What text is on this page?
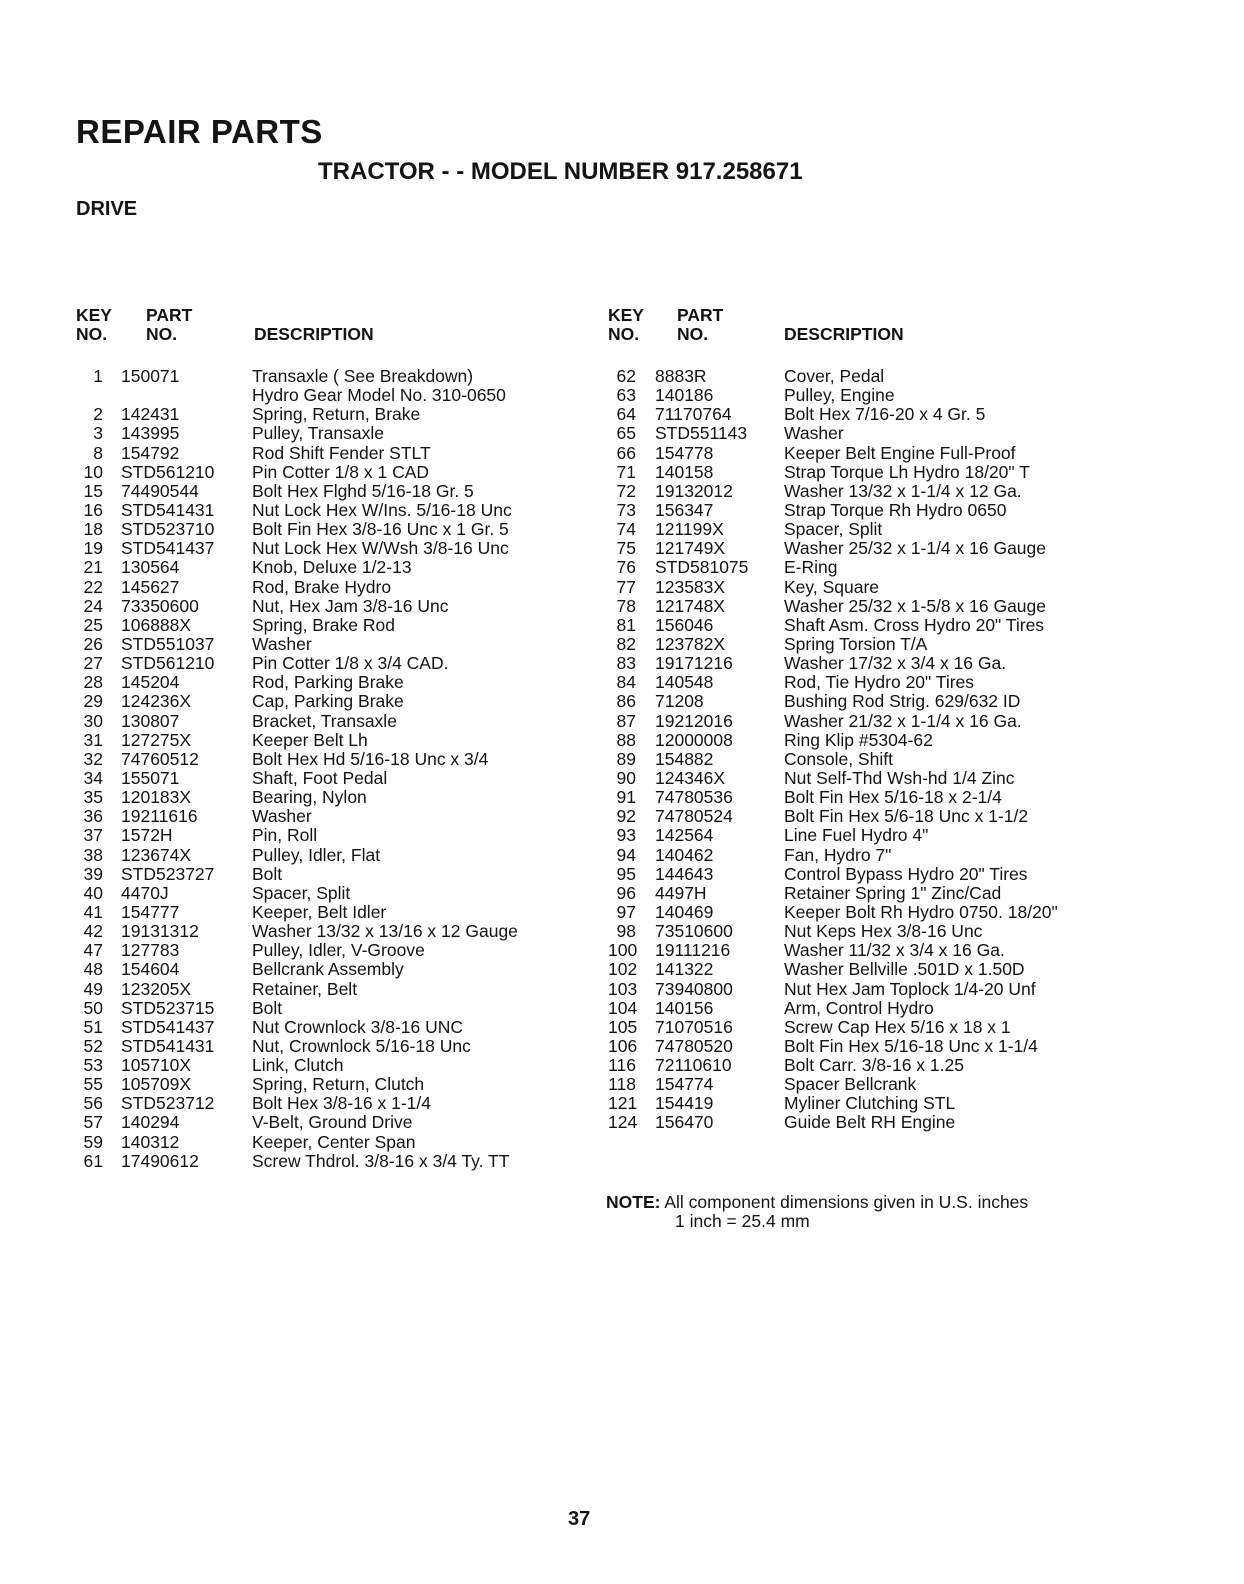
REPAIR PARTS
TRACTOR - - MODEL NUMBER 917.258671
DRIVE
KEY
NO.
PART
NO.	DESCRIPTION
1 150071	Transaxle ( See Breakdown)
Hydro Gear Model No. 310-0650
2 142431	Spring, Return, Brake
3 143995	Pulley, Transaxle
8 154792	Rod Shift Fender STLT
10 STD561210 Pin Cotter 1/8 x 1 CAD
15 74490544	Bolt Hex Flghd 5/16-18 Gr. 5
16 STD541431 Nut Lock Hex W/Ins. 5/16-18 Unc
18 STD523710 Bolt Fin Hex 3/8-16 Unc x 1 Gr. 5
19 STD541437 Nut Lock Hex W/Wsh 3/8-16 Unc
21 130564	Knob, Deluxe 1/2-13
22 145627	Rod, Brake Hydro
24 73350600	Nut, Hex Jam 3/8-16 Unc
25 106888X	Spring, Brake Rod
26 STD551037 Washer
27 STD561210 Pin Cotter 1/8 x 3/4 CAD.
28 145204	Rod, Parking Brake
29 124236X	Cap, Parking Brake
30 130807	Bracket, Transaxle
31 127275X	Keeper Belt Lh
32 74760512	Bolt Hex Hd 5/16-18 Unc x 3/4
34 155071	Shaft, Foot Pedal
35 120183X	Bearing, Nylon
36 19211616	Washer
37 1572H	Pin, Roll
38 123674X	Pulley, Idler, Flat
39 STD523727 Bolt
40 4470J	Spacer, Split
41 154777	Keeper, Belt Idler
42 19131312	Washer 13/32 x 13/16 x 12 Gauge
47 127783	Pulley, Idler, V-Groove
48 154604	Bellcrank Assembly
49 123205X	Retainer, Belt
50 STD523715 Bolt
51 STD541437 Nut Crownlock 3/8-16 UNC
52 STD541431 Nut, Crownlock 5/16-18 Unc
53 105710X	Link, Clutch
55 105709X	Spring, Return, Clutch
56 STD523712 Bolt Hex 3/8-16 x 1-1/4
57 140294	V-Belt, Ground Drive
59 140312	Keeper, Center Span
61 17490612	Screw Thdrol. 3/8-16 x 3/4 Ty. TT
KEY
NO.
PART
NO.	DESCRIPTION
62 8883R	Cover, Pedal
63 140186	Pulley, Engine
64 71170764	Bolt Hex 7/16-20 x 4 Gr. 5
65 STD551143 Washer
66 154778	Keeper Belt Engine Full-Proof
71 140158	Strap Torque Lh Hydro 18/20" T
72 19132012	Washer 13/32 x 1-1/4 x 12 Ga.
73 156347	Strap Torque Rh Hydro 0650
74 121199X	Spacer, Split
75 121749X	Washer 25/32 x 1-1/4 x 16 Gauge
76 STD581075 E-Ring
77 123583X	Key, Square
78 121748X	Washer 25/32 x 1-5/8 x 16 Gauge
81 156046	Shaft Asm. Cross Hydro 20" Tires
82 123782X	Spring Torsion T/A
83 19171216	Washer 17/32 x 3/4 x 16 Ga.
84 140548	Rod, Tie Hydro 20" Tires
86 71208	Bushing Rod Strig. 629/632 ID
87 19212016	Washer 21/32 x 1-1/4 x 16 Ga.
88 12000008	Ring Klip #5304-62
89 154882	Console, Shift
90 124346X	Nut Self-Thd Wsh-hd 1/4 Zinc
91 74780536	Bolt Fin Hex 5/16-18 x 2-1/4
92 74780524	Bolt Fin Hex 5/6-18 Unc x 1-1/2
93 142564	Line Fuel Hydro 4"
94 140462	Fan, Hydro 7"
95 144643	Control Bypass Hydro 20" Tires
96 4497H	Retainer Spring 1" Zinc/Cad
97 140469	Keeper Bolt Rh Hydro 0750. 18/20"
98 73510600	Nut Keps Hex 3/8-16 Unc
100 19111216	Washer 11/32 x 3/4 x 16 Ga.
102 141322	Washer Bellville .501D x 1.50D
103 73940800	Nut Hex Jam Toplock 1/4-20 Unf
104 140156	Arm, Control Hydro
105 71070516	Screw Cap Hex 5/16 x 18 x 1
106 74780520	Bolt Fin Hex 5/16-18 Unc x 1-1/4
116 72110610	Bolt Carr. 3/8-16 x 1.25
118 154774	Spacer Bellcrank
121 154419	Myliner Clutching STL
124 156470	Guide Belt RH Engine
NOTE: All component dimensions given in U.S. inches
1 inch = 25.4 mm
37
